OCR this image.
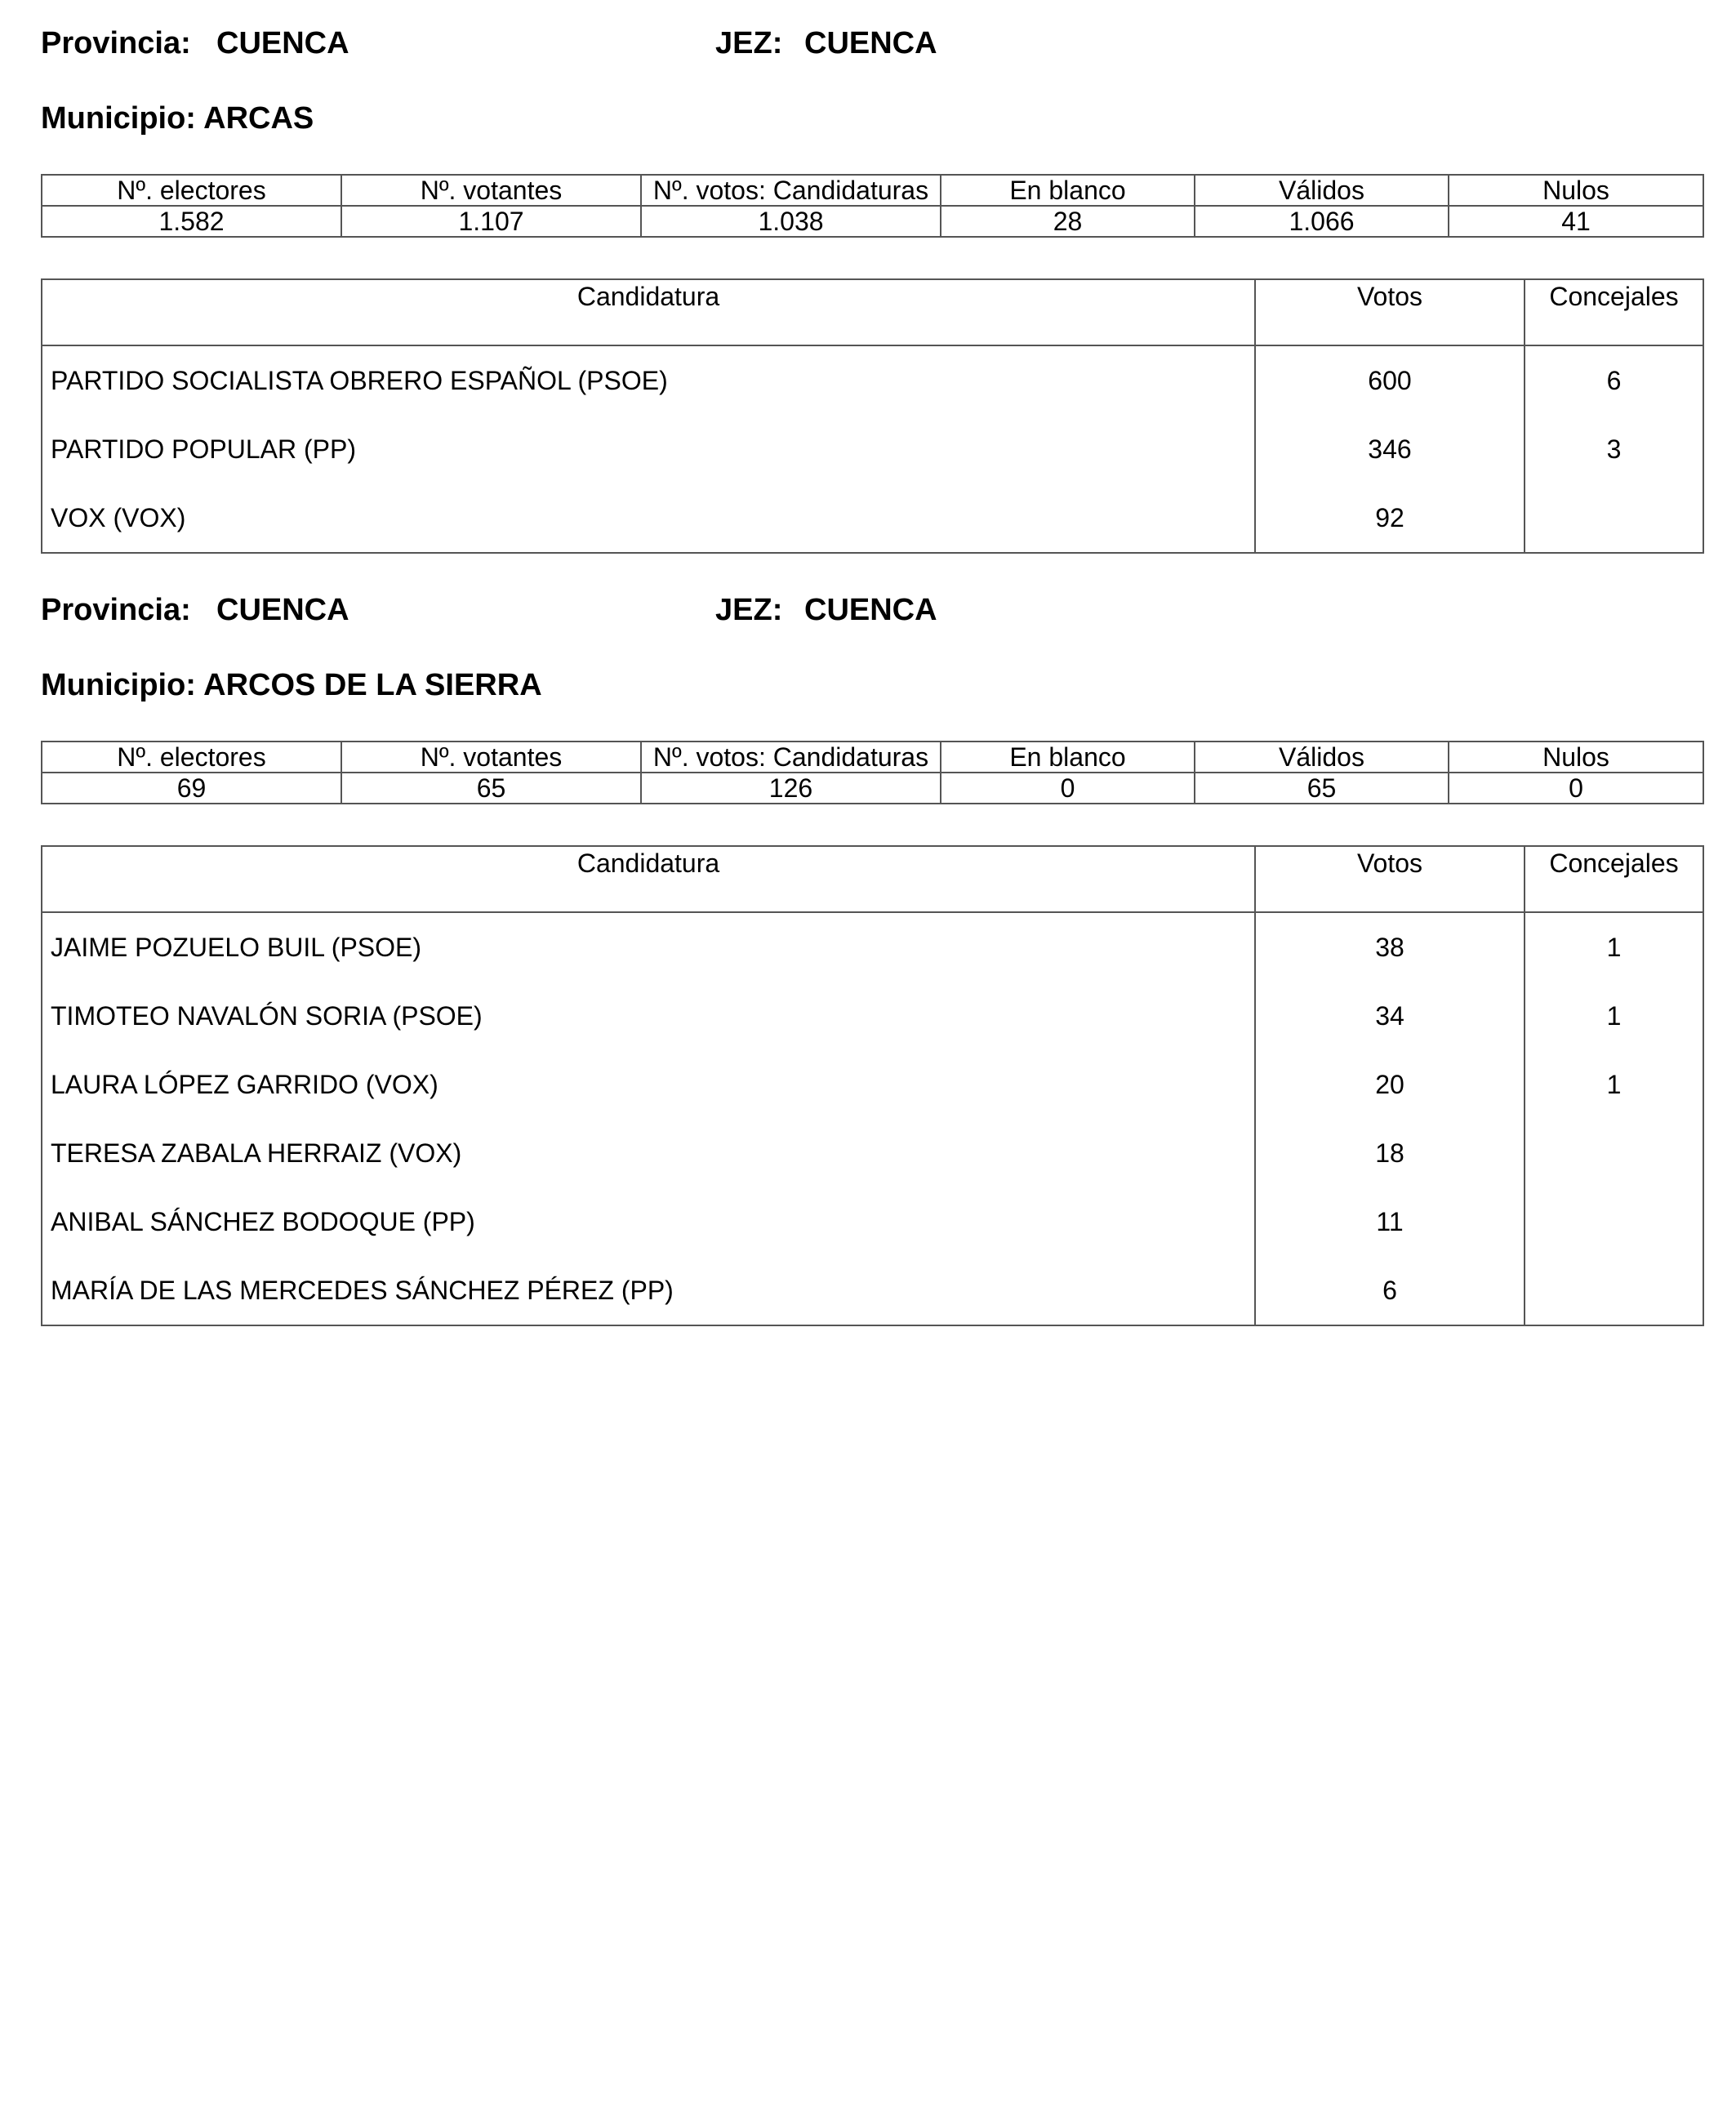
Provincia: CUENCA	JEZ: CUENCA
Municipio: ARCAS
Nº. electores	Nº. votantes	Nº. votos: Candidaturas	En blanco	Válidos	Nulos
1.582	1.107	1.038	28	1.066	41
Candidatura	Votos	Concejales
PARTIDO SOCIALISTA OBRERO ESPAÑOL (PSOE)	600	6
PARTIDO POPULAR (PP)	346	3
VOX (VOX)	92	
Provincia: CUENCA	JEZ: CUENCA
Municipio: ARCOS DE LA SIERRA
Nº. electores	Nº. votantes	Nº. votos: Candidaturas	En blanco	Válidos	Nulos
69	65	126	0	65	0
Candidatura	Votos	Concejales
JAIME POZUELO BUIL (PSOE)	38	1
TIMOTEO NAVALÓN SORIA (PSOE)	34	1
LAURA LÓPEZ GARRIDO (VOX)	20	1
TERESA ZABALA HERRAIZ (VOX)	18	
ANIBAL SÁNCHEZ BODOQUE (PP)	11	
MARÍA DE LAS MERCEDES SÁNCHEZ PÉREZ (PP)	6	
